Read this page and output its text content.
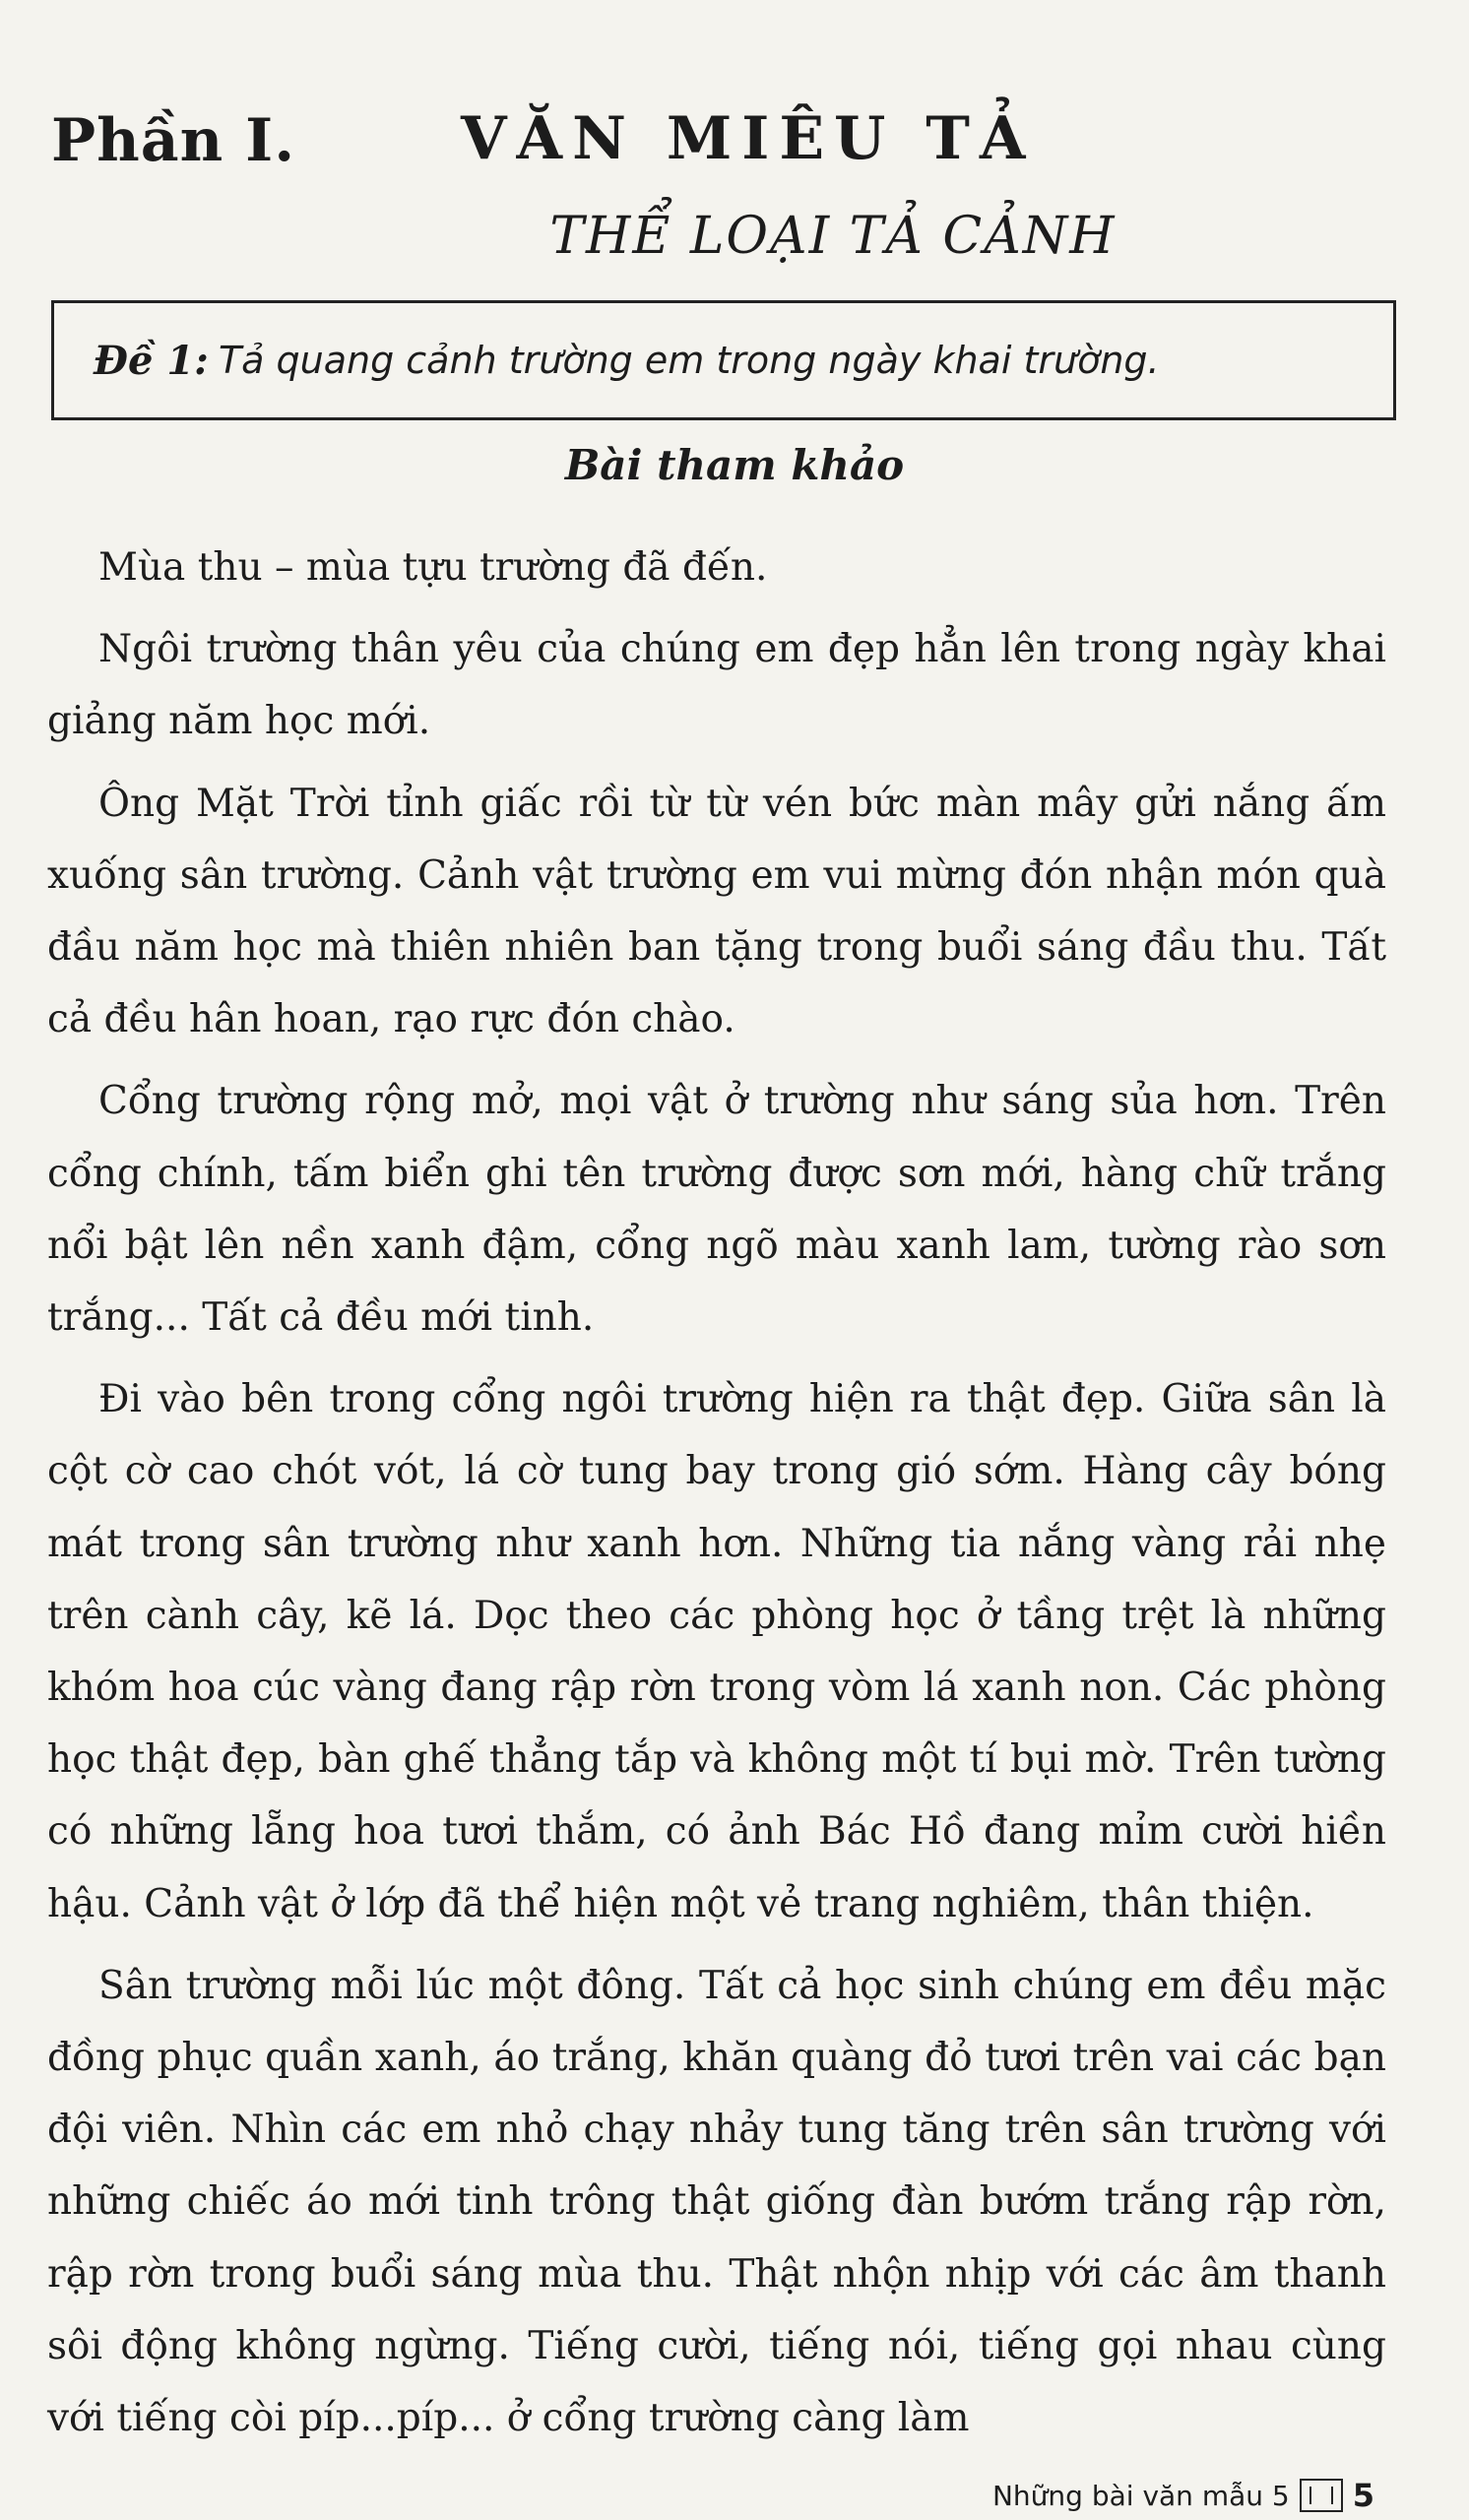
Phần I.	VĂN MIÊU TẢ
THỂ LOẠI TẢ CẢNH
Đề 1: Tả quang cảnh trường em trong ngày khai trường.
Bài tham khảo

Mùa thu – mùa tựu trường đã đến.

Ngôi trường thân yêu của chúng em đẹp hẳn lên trong ngày khai giảng năm học mới.

Ông Mặt Trời tỉnh giấc rồi từ từ vén bức màn mây gửi nắng ấm xuống sân trường. Cảnh vật trường em vui mừng đón nhận món quà đầu năm học mà thiên nhiên ban tặng trong buổi sáng đầu thu. Tất cả đều hân hoan, rạo rực đón chào.

Cổng trường rộng mở, mọi vật ở trường như sáng sủa hơn. Trên cổng chính, tấm biển ghi tên trường được sơn mới, hàng chữ trắng nổi bật lên nền xanh đậm, cổng ngõ màu xanh lam, tường rào sơn trắng... Tất cả đều mới tinh.

Đi vào bên trong cổng ngôi trường hiện ra thật đẹp. Giữa sân là cột cờ cao chót vót, lá cờ tung bay trong gió sớm. Hàng cây bóng mát trong sân trường như xanh hơn. Những tia nắng vàng rải nhẹ trên cành cây, kẽ lá. Dọc theo các phòng học ở tầng trệt là những khóm hoa cúc vàng đang rập rờn trong vòm lá xanh non. Các phòng học thật đẹp, bàn ghế thẳng tắp và không một tí bụi mờ. Trên tường có những lẵng hoa tươi thắm, có ảnh Bác Hồ đang mỉm cười hiền hậu. Cảnh vật ở lớp đã thể hiện một vẻ trang nghiêm, thân thiện.

Sân trường mỗi lúc một đông. Tất cả học sinh chúng em đều mặc đồng phục quần xanh, áo trắng, khăn quàng đỏ tươi trên vai các bạn đội viên. Nhìn các em nhỏ chạy nhảy tung tăng trên sân trường với những chiếc áo mới tinh trông thật giống đàn bướm trắng rập rờn, rập rờn trong buổi sáng mùa thu. Thật nhộn nhịp với các âm thanh sôi động không ngừng. Tiếng cười, tiếng nói, tiếng gọi nhau cùng với tiếng còi píp...píp... ở cổng trường càng làm

Những bài văn mẫu 5 5
